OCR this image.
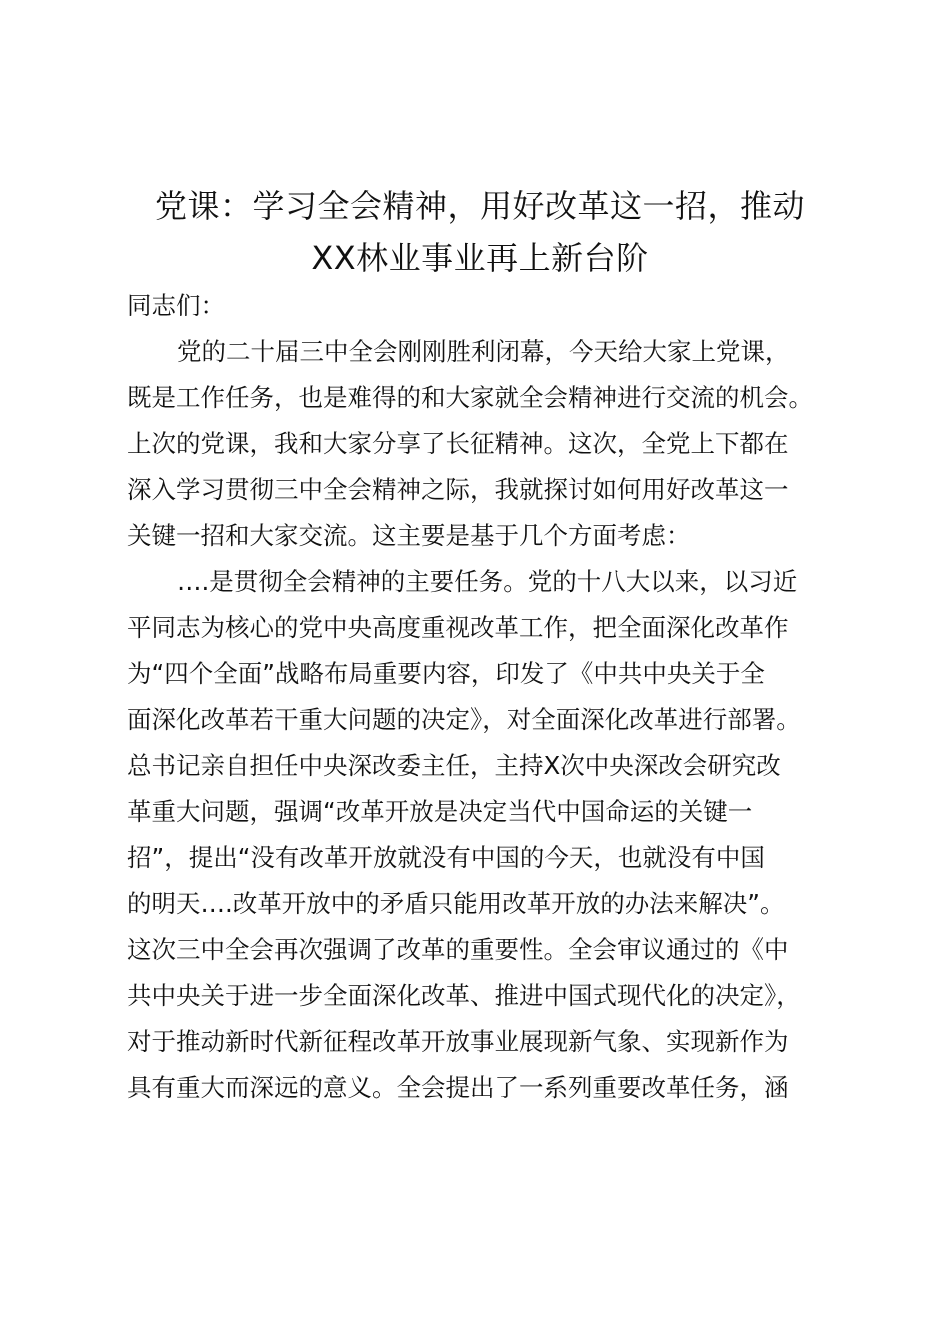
党课：学习全会精神，用好改革这一招，推动
XX林业事业再上新台阶
同志们：
党的二十届三中全会刚刚胜利闭幕，今天给大家上党课，
既是工作任务，也是难得的和大家就全会精神进行交流的机会。
上次的党课，我和大家分享了长征精神。这次，全党上下都在
深入学习贯彻三中全会精神之际，我就探讨如何用好改革这一
关键一招和大家交流。这主要是基于几个方面考虑：
….是贯彻全会精神的主要任务。党的十八大以来，以习近
平同志为核心的党中央高度重视改革工作，把全面深化改革作
为“四个全面”战略布局重要内容，印发了《中共中央关于全
面深化改革若干重大问题的决定》，对全面深化改革进行部署。
总书记亲自担任中央深改委主任，主持X次中央深改会研究改
革重大问题，强调“改革开放是决定当代中国命运的关键一
招”，提出“没有改革开放就没有中国的今天，也就没有中国
的明天….改革开放中的矛盾只能用改革开放的办法来解决”。
这次三中全会再次强调了改革的重要性。全会审议通过的《中
共中央关于进一步全面深化改革、推进中国式现代化的决定》，
对于推动新时代新征程改革开放事业展现新气象、实现新作为
具有重大而深远的意义。全会提出了一系列重要改革任务，涵
